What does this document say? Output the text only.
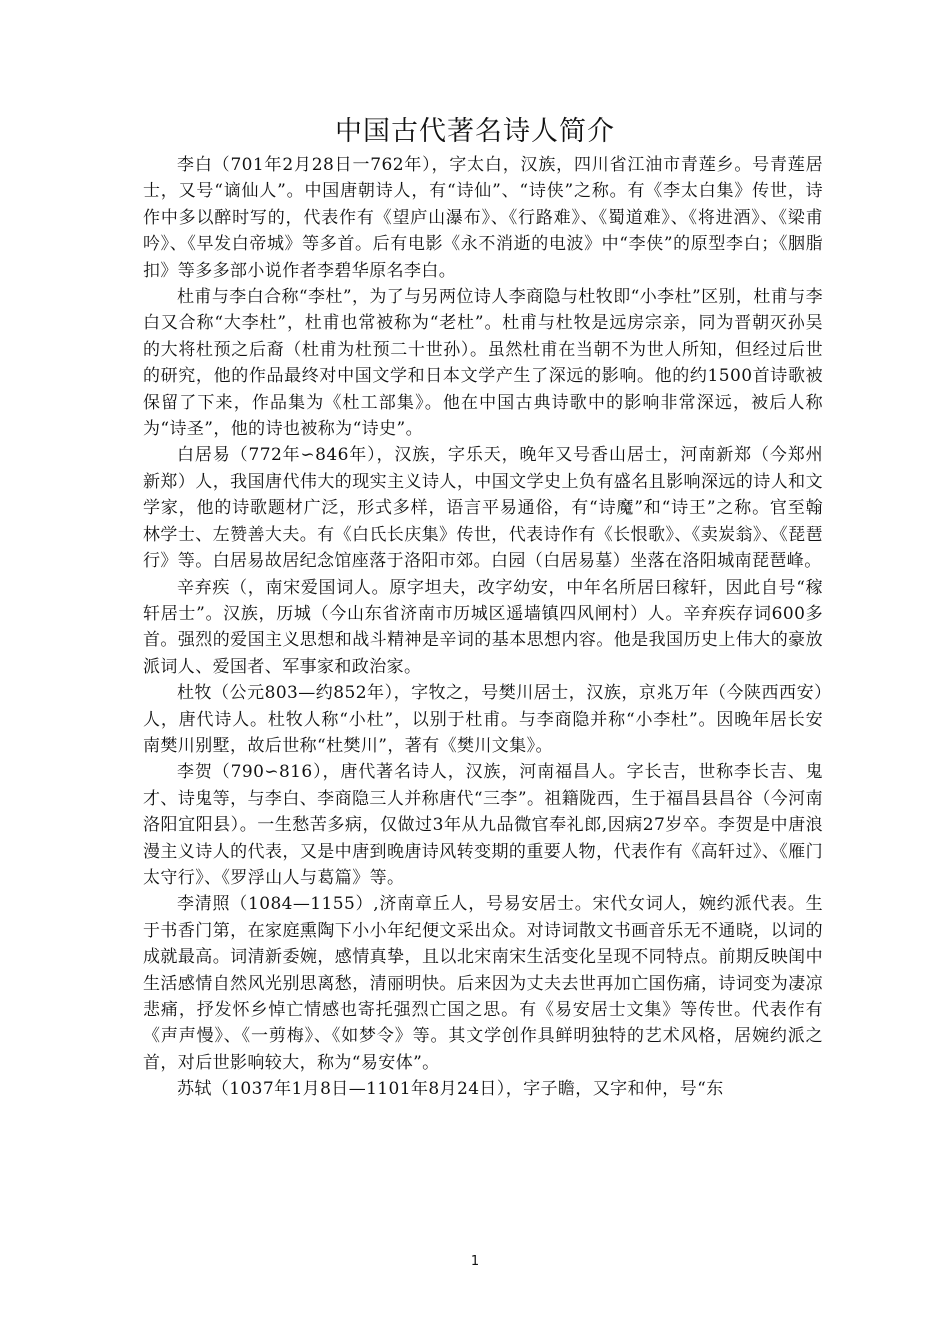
中国古代著名诗人简介

李白（701年2月28日一762年），字太白，汉族，四川省江油市青莲乡。号青莲居士，又号“谪仙人”。中国唐朝诗人，有“诗仙”、“诗侠”之称。有《李太白集》传世，诗作中多以醉时写的，代表作有《望庐山瀑布》、《行路难》、《蜀道难》、《将进酒》、《梁甫吟》、《早发白帝城》等多首。后有电影《永不消逝的电波》中“李侠”的原型李白；《胭脂扣》等多多部小说作者李碧华原名李白。

杜甫与李白合称“李杜”，为了与另两位诗人李商隐与杜牧即“小李杜”区别，杜甫与李白又合称“大李杜”，杜甫也常被称为“老杜”。杜甫与杜牧是远房宗亲，同为晋朝灭孙吴的大将杜预之后裔（杜甫为杜预二十世孙）。虽然杜甫在当朝不为世人所知，但经过后世的研究，他的作品最终对中国文学和日本文学产生了深远的影响。他的约1500首诗歌被保留了下来，作品集为《杜工部集》。他在中国古典诗歌中的影响非常深远，被后人称为“诗圣”，他的诗也被称为“诗史”。

白居易（772年∽846年），汉族，字乐天，晚年又号香山居士，河南新郑（今郑州新郑）人，我国唐代伟大的现实主义诗人，中国文学史上负有盛名且影响深远的诗人和文学家，他的诗歌题材广泛，形式多样，语言平易通俗，有“诗魔”和“诗王”之称。官至翰林学士、左赞善大夫。有《白氏长庆集》传世，代表诗作有《长恨歌》、《卖炭翁》、《琵琶行》等。白居易故居纪念馆座落于洛阳市郊。白园（白居易墓）坐落在洛阳城南琵琶峰。

辛弃疾（，南宋爱国词人。原字坦夫，改字幼安，中年名所居曰稼轩，因此自号“稼轩居士”。汉族，历城（今山东省济南市历城区遥墙镇四风闸村）人。辛弃疾存词600多首。强烈的爱国主义思想和战斗精神是辛词的基本思想内容。他是我国历史上伟大的豪放派词人、爱国者、军事家和政治家。

杜牧（公元803—约852年），字牧之，号樊川居士，汉族，京兆万年（今陕西西安）人，唐代诗人。杜牧人称“小杜”，以别于杜甫。与李商隐并称“小李杜”。因晚年居长安南樊川别墅，故后世称“杜樊川”，著有《樊川文集》。

李贺（790∽816），唐代著名诗人，汉族，河南福昌人。字长吉，世称李长吉、鬼才、诗鬼等，与李白、李商隐三人并称唐代“三李”。祖籍陇西，生于福昌县昌谷（今河南洛阳宜阳县）。一生愁苦多病，仅做过3年从九品微官奉礼郎,因病27岁卒。李贺是中唐浪漫主义诗人的代表，又是中唐到晚唐诗风转变期的重要人物，代表作有《高轩过》、《雁门太守行》、《罗浮山人与葛篇》等。

李清照（1084—1155）,济南章丘人，号易安居士。宋代女词人，婉约派代表。生于书香门第，在家庭熏陶下小小年纪便文采出众。对诗词散文书画音乐无不通晓，以词的成就最高。词清新委婉，感情真挚，且以北宋南宋生活变化呈现不同特点。前期反映闺中生活感情自然风光别思离愁，清丽明快。后来因为丈夫去世再加亡国伤痛，诗词变为凄凉悲痛，抒发怀乡悼亡情感也寄托强烈亡国之思。有《易安居士文集》等传世。代表作有《声声慢》、《一剪梅》、《如梦令》等。其文学创作具鲜明独特的艺术风格，居婉约派之首，对后世影响较大，称为“易安体”。

苏轼（1037年1月8日—1101年8月24日），字子瞻，又字和仲，号“东

1
